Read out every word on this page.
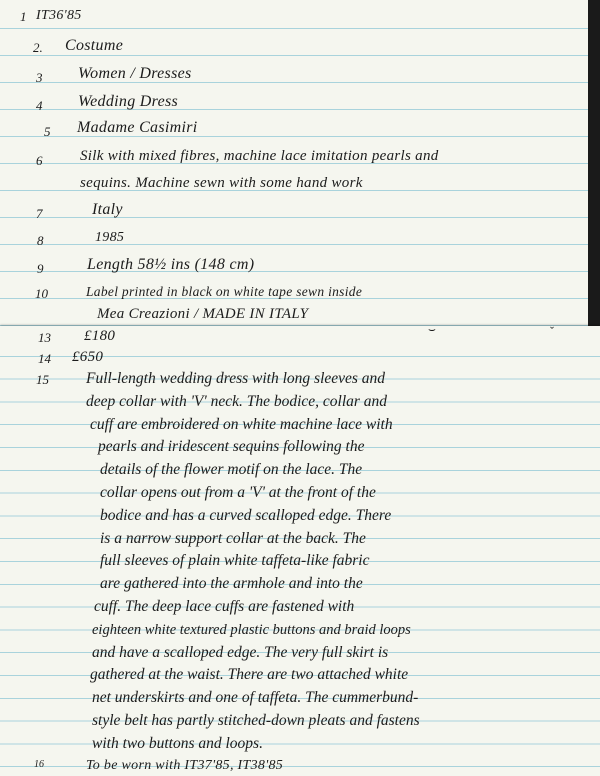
1 IT36'85
2. Costume
3 Women / Dresses
4 Wedding Dress
5 Madame Casimiri
6	Silk with mixed fibres, machine lace imitation pearls and
sequins. Machine sewn with some hand work
7	Italy
8	1985
9	Length 58½ ins (148 cm)
10	Label printed in black on white tape sewn inside
Mea Creazioni / MADE IN ITALY
⌣	ˇ
13 £180
14 £650
15 Full-length wedding dress with long sleeves and
deep collar with 'V' neck. The bodice, collar and
cuff are embroidered on white machine lace with
pearls and iridescent sequins following the
details of the flower motif on the lace. The
collar opens out from a 'V' at the front of the
bodice and has a curved scalloped edge. There
is a narrow support collar at the back. The
full sleeves of plain white taffeta-like fabric
are gathered into the armhole and into the
cuff. The deep lace cuffs are fastened with
eighteen white textured plastic buttons and braid loops
and have a scalloped edge. The very full skirt is
gathered at the waist. There are two attached white
net underskirts and one of taffeta. The cummerbund-
style belt has partly stitched-down pleats and fastens
with two buttons and loops.
16	To be worn with IT37'85, IT38'85
